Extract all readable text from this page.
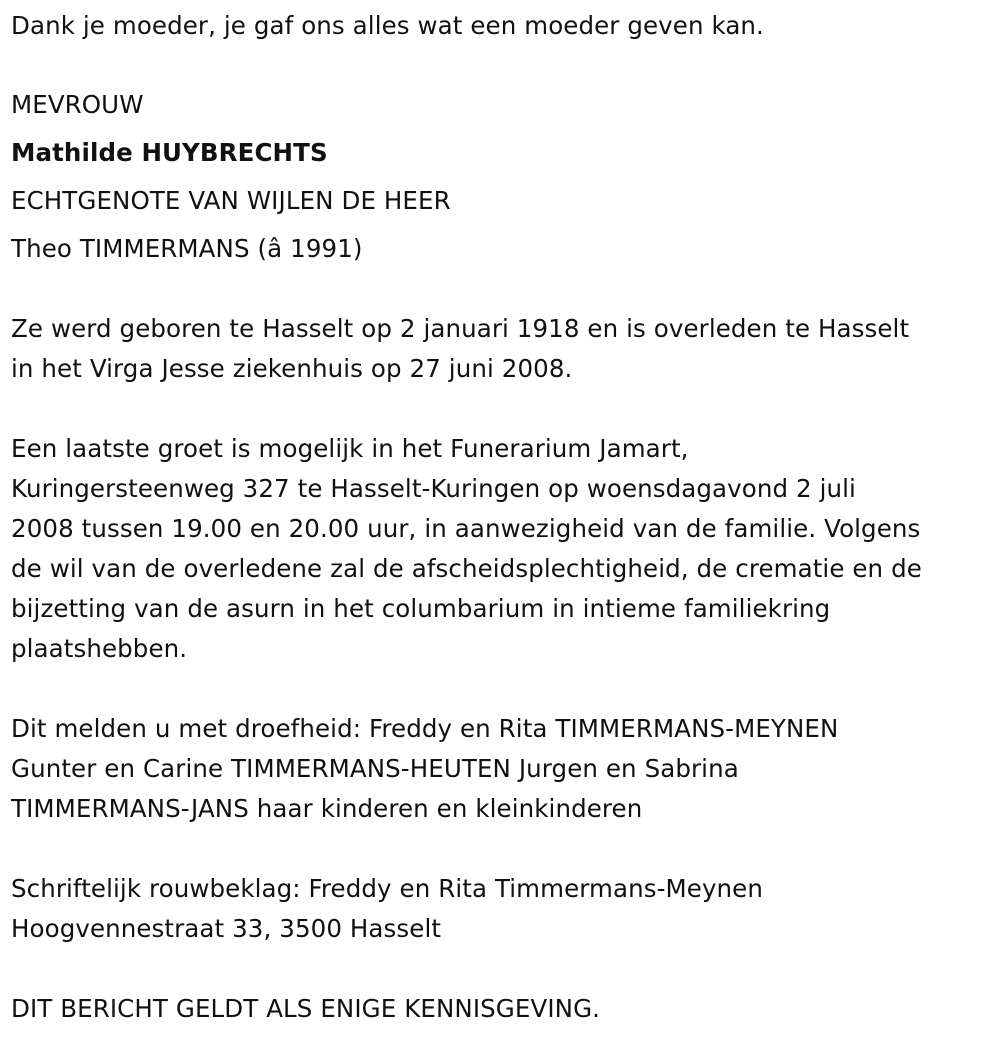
Dank je moeder, je gaf ons alles wat een moeder geven kan.

MEVROUW

Mathilde HUYBRECHTS

ECHTGENOTE VAN WIJLEN DE HEER

Theo TIMMERMANS (â 1991)

Ze werd geboren te Hasselt op 2 januari 1918 en is overleden te Hasselt

in het Virga Jesse ziekenhuis op 27 juni 2008.

Een laatste groet is mogelijk in het Funerarium Jamart,

Kuringersteenweg 327 te Hasselt-Kuringen op woensdagavond 2 juli

2008 tussen 19.00 en 20.00 uur, in aanwezigheid van de familie. Volgens

de wil van de overledene zal de afscheidsplechtigheid, de crematie en de

bijzetting van de asurn in het columbarium in intieme familiekring

plaatshebben.

Dit melden u met droefheid: Freddy en Rita TIMMERMANS-MEYNEN

Gunter en Carine TIMMERMANS-HEUTEN Jurgen en Sabrina

TIMMERMANS-JANS haar kinderen en kleinkinderen

Schriftelijk rouwbeklag: Freddy en Rita Timmermans-Meynen

Hoogvennestraat 33, 3500 Hasselt

DIT BERICHT GELDT ALS ENIGE KENNISGEVING.
